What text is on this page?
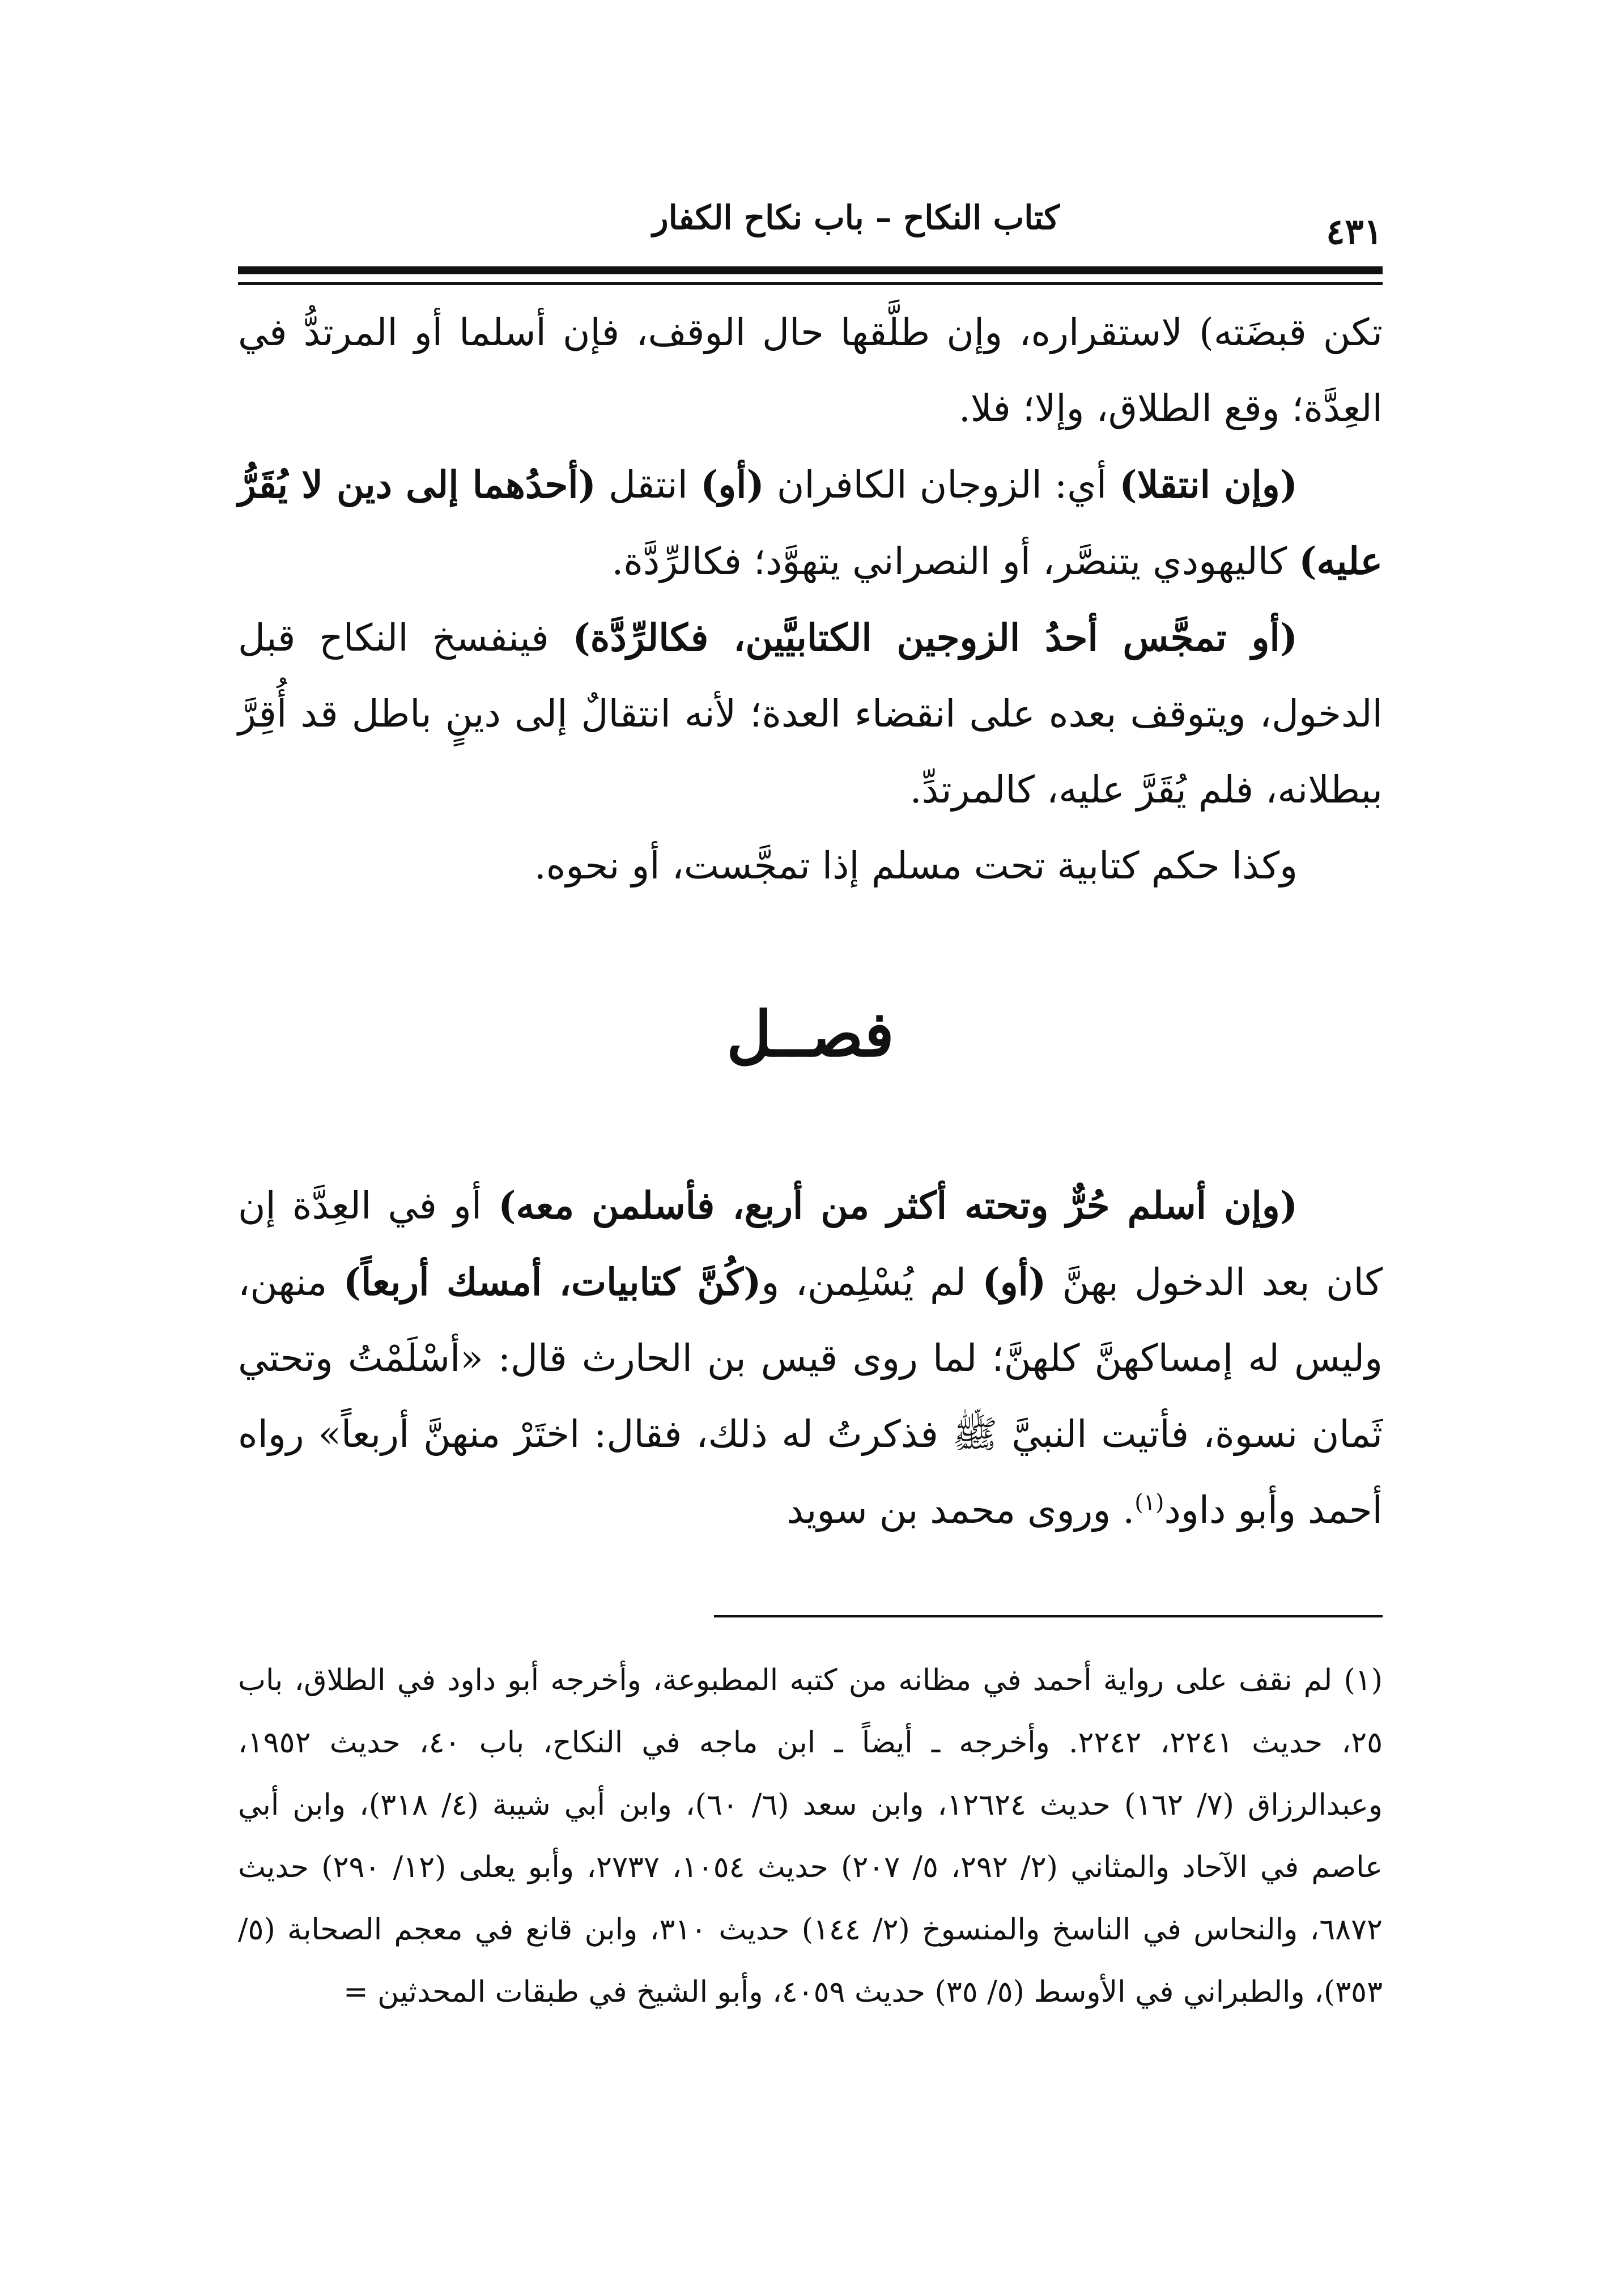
كتاب النكاح – باب نكاح الكفار	٤٣١

تكن قبضَته) لاستقراره، وإن طلَّقها حال الوقف، فإن أسلما أو المرتدُّ في العِدَّة؛ وقع الطلاق، وإلا؛ فلا.

(وإن انتقلا) أي: الزوجان الكافران (أو) انتقل (أحدُهما إلى دين لا يُقَرُّ عليه) كاليهودي يتنصَّر، أو النصراني يتهوَّد؛ فكالرِّدَّة.

(أو تمجَّس أحدُ الزوجين الكتابيَّين، فكالرِّدَّة) فينفسخ النكاح قبل الدخول، ويتوقف بعده على انقضاء العدة؛ لأنه انتقالٌ إلى دينٍ باطل قد أُقِرَّ ببطلانه، فلم يُقَرَّ عليه، كالمرتدِّ.

وكذا حكم كتابية تحت مسلم إذا تمجَّست، أو نحوه.

فصــل

(وإن أسلم حُرٌّ وتحته أكثر من أربع، فأسلمن معه) أو في العِدَّة إن كان بعد الدخول بهنَّ (أو) لم يُسْلِمن، و(كُنَّ كتابيات، أمسك أربعاً) منهن، وليس له إمساكهنَّ كلهنَّ؛ لما روى قيس بن الحارث قال: «أسْلَمْتُ وتحتي ثَمان نسوة، فأتيت النبيَّ ﷺ فذكرتُ له ذلك، فقال: اختَرْ منهنَّ أربعاً» رواه أحمد وأبو داود$^{(١)}$. وروى محمد بن سويد

(١) لم نقف على رواية أحمد في مظانه من كتبه المطبوعة، وأخرجه أبو داود في الطلاق، باب ٢٥، حديث ٢٢٤١، ٢٢٤٢. وأخرجه ـ أيضاً ـ ابن ماجه في النكاح، باب ٤٠، حديث ١٩٥٢، وعبدالرزاق (٧/ ١٦٢) حديث ١٢٦٢٤، وابن سعد (٦/ ٦٠)، وابن أبي شيبة (٤/ ٣١٨)، وابن أبي عاصم في الآحاد والمثاني (٢/ ٢٩٢، ٥/ ٢٠٧) حديث ١٠٥٤، ٢٧٣٧، وأبو يعلى (١٢/ ٢٩٠) حديث ٦٨٧٢، والنحاس في الناسخ والمنسوخ (٢/ ١٤٤) حديث ٣١٠، وابن قانع في معجم الصحابة (٥/ ٣٥٣)، والطبراني في الأوسط (٥/ ٣٥) حديث ٤٠٥٩، وأبو الشيخ في طبقات المحدثين =
